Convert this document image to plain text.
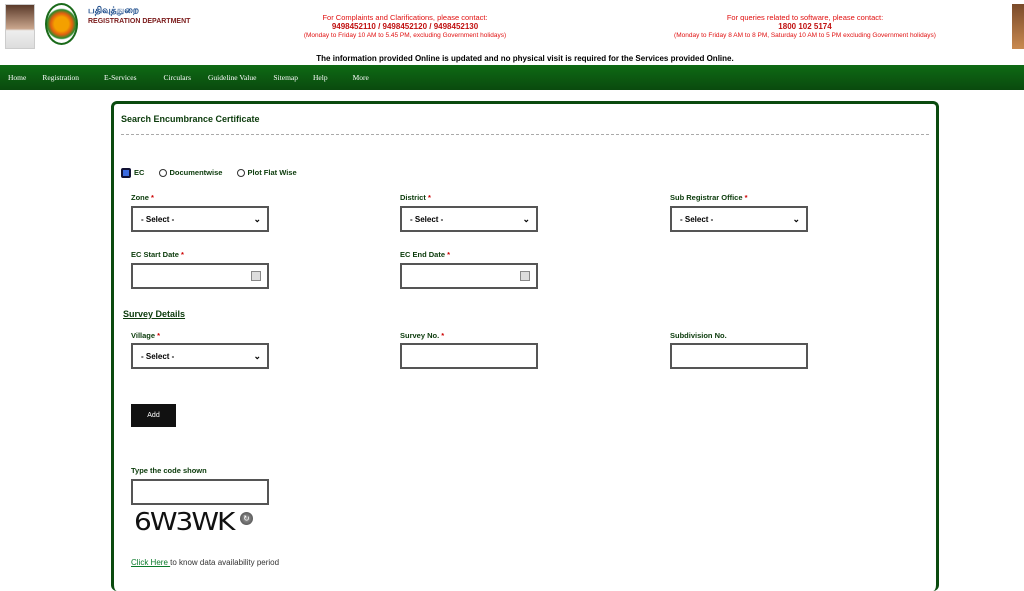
பதிவுத்துறை
REGISTRATION DEPARTMENT	For Complaints and Clarifications, please contact:
9498452110 / 9498452120 / 9498452130
(Monday to Friday 10 AM to 5.45 PM, excluding Government holidays)
For queries related to software, please contact:
1800 102 5174
(Monday to Friday 8 AM to 8 PM, Saturday 10 AM to 5 PM excluding Government holidays)
The information provided Online is updated and no physical visit is required for the Services provided Online.
Home Registration	E-Services	Circulars Guideline Value Sitemap Help	More
Search Encumbrance Certificate
EC	Documentwise	Plot Flat Wise
Zone *
- Select -	⌄
District *
- Select -	⌄
Sub Registrar Office *
- Select -	⌄
EC Start Date *	EC End Date *
Survey Details
Village *
- Select -	⌄
Survey No. *	Subdivision No.
Add
Type the code shown
6W3WK	↻
Click Here to know data availability period
